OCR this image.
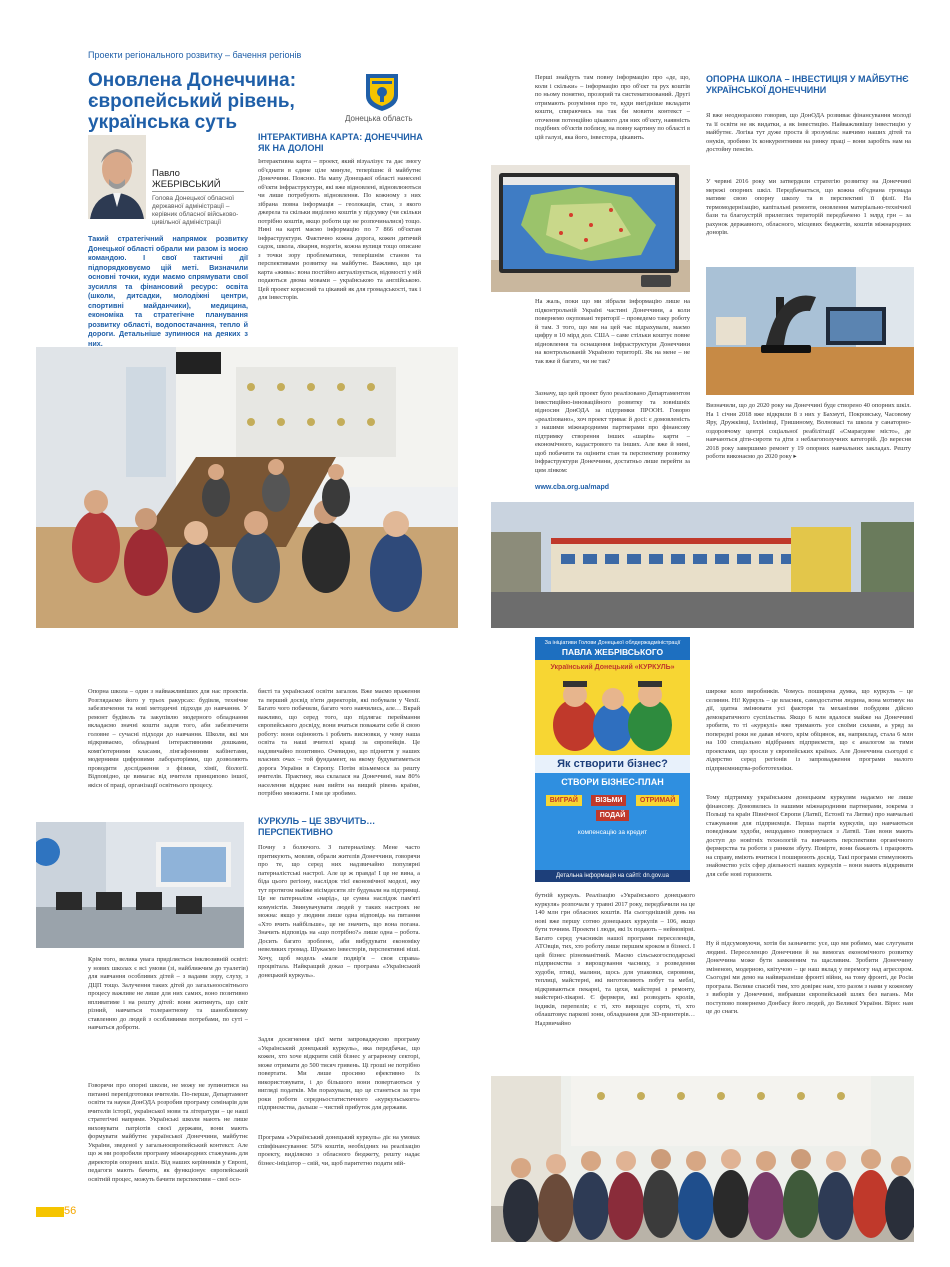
Проекти регіонального розвитку – бачення регіонів
Оновлена Донеччина: європейський рівень, українська суть	Донецька область
Павло
ЖЕБРІВСЬКИЙ
Голова Донецької обласної державної адміністрації – керівник обласної військово-цивільної адміністрації
Такий стратегічний напрямок розвитку Донецької області обрали ми разом із моєю командою. І свої тактичні дії підпорядковуємо цій меті. Визначили основні точки, куди маємо спрямувати свої зусилля та фінансовий ресурс: освіта (школи, дитсадки, молодіжні центри, спортивні майданчики), медицина, економіка та стратегічне планування розвитку області, водопостачання, тепло й дороги. Детальніше зупинюся на деяких з них.
ІНТЕРАКТИВНА КАРТА: ДОНЕЧЧИНА ЯК НА ДОЛОНІ
Інтерактивна карта – проект, який візуалізує та дає змогу об'єднати в єдине ціле минуле, теперішнє й майбутнє Донеччини. Поясню. На мапу Донецької області нанесені об'єкти інфраструктури, які вже відновлені, відновлюються чи лише потребують відновлення. По кожному з них зібрана повна інформація – геолокація, стан, з якого джерела та скільки виділено коштів у підсумку (чи скільки потрібно коштів, якщо роботи ще не розпочиналися) тощо. Нині на карті маємо інформацію по 7 866 об'єктам інфраструктури. Фактично кожна дорога, кожен дитячий садок, школа, лікарня, водогін, кожна вулиця тощо описане з точки зору проблематики, теперішнім станом та перспективами розвитку на майбутнє. Важливо, що ця карта «жива»: вона постійно актуалізується, відомості у ній подаються двома мовами – українською та англійською. Цей проект корисний та цікавий як для громадськості, так і для інвесторів.
Перші знайдуть там повну інформацію про «де, що, коли і скільки» – інформацію про об'єкт та рух коштів по ньому понятно, прозорий та систематизований. Другі отримають розуміння про те, куди вигідніше вкладати кошти, спираючись на так би мовити контекст – оточення потенційно цікавого для них об'єкту, наявність подібних об'єктів поблизу, на повну картину по області в цій галузі, яка його, інвестора, цікавить.
На жаль, поки що ми зібрали інформацію лише на підконтрольній Україні частині Донеччини, а коли повернемо окуповані території – проведемо таку роботу й там. З того, що ми на цей час підрахували, маємо цифру в 10 мірд дол. США – саме стільки коштує повне відновлення та оснащення інфраструктури Донеччини на контрольованій Україною території. Як на мене – не так вже й багато, чи не так?
Зазначу, що цей проект було реалізовано Департаментом інвестиційно-інноваційного розвитку та зовнішніх відносин ДонОДА за підтримки ПРООН. Говорю «реалізовано», хоч проект триває й досі: є домовленість з нашими міжнародними партнерами про фінансову підтримку створення інших «шарів» карти – економічного, кадастрового та інших. Але вже й нині, щоб побачити та оцінити стан та перспективу розвитку інфраструктури Донеччини, достатньо лише перейти за цим лінком:
www.cba.org.ua/mapd
ОПОРНА ШКОЛА – ІНВЕСТИЦІЯ У МАЙБУТНЄ УКРАЇНСЬКОЇ ДОНЕЧЧИНИ
Я вже неодноразово говорив, що ДонОДА розвиває фінансування молоді та її освіти не як видатки, а як інвестицію. Найважливішу інвестицію у майбутнє. Логіка тут дуже проста й зрозуміла: навчимо наших дітей та онуків, зробимо їх конкурентними на ринку праці – вони заробіть нам на достойну пенсію.
У червні 2016 року ми затвердили стратегію розвитку на Донеччині мережі опорних шкіл. Передбачається, що кожна об'єднана громада матиме свою опорну школу та в перспективі її філії. На термомодернізацію, капітальні ремонти, оновлення матеріально-технічної бази та благоустрій прилеглих територій передбачено 1 млрд грн – за рахунок державного, обласного, місцевих бюджетів, коштів міжнародних донорів.
Визначили, що до 2020 року на Донеччині буде створено 40 опорних шкіл. На 1 січня 2018 вже відкрили 8 з них у Бахмуті, Покровську, Часовому Яру, Дружківці, Іллінівці, Гришиному, Волновасі та школа у санаторно-оздоровчому центрі соціальної реабілітації «Смарагдове місто», де навчаються діти-сироти та діти з неблагополучних категорій. До вересня 2018 року завершимо ремонт у 19 опорних навчальних закладах. Решту роботи виконаємо до 2020 року ▸
Опорна школа – один з найважливіших для нас проектів. Розглядаємо його у трьох ракурсах: будівля, технічне забезпечення та нові методичні підходи до навчання. У ремонт будівель та закупівлю модерного обладнання вкладаємо значні кошти задля того, аби забезпечити головне – сучасні підходи до навчання. Школи, які ми відкриваємо, обладнані інтерактивними дошками, комп'ютерними класами, лінгафонними кабінетами, модерними цифровими лабораторіями, що дозволяють проводити дослідження з фізики, хімії, біології. Відповідно, це вимагає від вчителя принципово іншої, якісн ої праці, організації освітнього процесу.
Крім того, велика увага приділяється інклюзивній освіті: у нових школах є всі умови (зі, найближчим до туалетів) для навчання особливих дітей – з вадами зору, слуху, з ДЦП тощо. Залучення таких дітей до загальноосвітнього процесу важливе не лише для них самих, воно позитивно впливатиме і на решту дітей: вони житимуть, що світ різний, навчаться толерантному та шанобливому ставленню до людей з особливими потребами, по суті – навчаться доброти.
Говорячи про опорні школи, не можу не зупинитися на питанні перепідготовки вчителів. По-перше, Департамент освіти та науки ДонОДА розробив програму семінарів для вчителів історії, української мови та літератури – це наші стратегічні напрями. Українські школи мають не лише виховувати патріотів своєї держави, вони мають формувати майбутнє української Донеччини, майбутнє України, зведеної у загальноєвропейський контекст. Але що ж ми розробили програму міжнародних стажувань для директорів опорних шкіл. Від наших керівників у Європі, педагоги мають бачити, як функціонує європейський освітній процес, можуть бачити перспективи – свої осо-
бисті та української освіти загалом. Вже маємо враження та перший досвід п'яти директорів, які побували у Чехії. Багато чого побачили, багато чого навчились, але… Вкрай важливо, що серед того, що підлягає переймання європейського досвіду, вони вчаться поважати себе й свою роботу: вони оцінюють і роблять висновки, у чому наша освіта та наші вчителі кращі за європейців. Це надзвичайно позитивно. Очевидно, що підняття у наших власних очах – той фундамент, на якому будуватиметься дорога України в Європу. Потім візьмемося за решту вчителів. Практику, яка склалася на Донеччині, нам 80% населення відкриє нам вийти на вищий рівень країни, потрібно множити. І ми це зробимо.
КУРКУЛЬ – ЦЕ ЗВУЧИТЬ… ПЕРСПЕКТИВНО
Почну з болючого. З патерналізму. Мене часто притикують, мовляв, обрали жителів Донеччини, говорячи про те, що серед них надзвичайно популярні патерналістські настрої. Але це ж правда! І це не вина, а біда цього регіону, наслідок тієї економічної моделі, яку тут протягом майже вісімдесяти літ будували на підтримці. Це не патерналізм «нарід», це сумна наслідок пам'яті комуністів. Звинувачувати людей у таких настроях не можна: якщо у людини лише одна відповідь на питання «Хто вчить найбільше», це не значить, що вона погана. Значить відповідь на «що потрібно?» лише одна – робота. Досить багато зроблено, аби вибудувати економіку невеликих громад. Шукаємо інвесторів, перспективні ніші. Хочу, щоб модель «мале подвір'я – своя справа» процвітала. Найкращий доказ – програма «Український донецький куркуль».
Задля досягнення цієї мети запроваджуємо програму «Український донецький куркуль», яка передбачає, що кожен, хто хоче відкрити свій бізнес у аграрному секторі, може отримати до 500 тисяч гривень. Ці гроші не потрібно повертати. Ми лише просимо ефективно їх використовувати, і до більшого вони повертаються у вигляді податків. Ми порахували, що це станеться за три роки роботи середньостатистичного «куркульського» підприємства, дальше – чистий прибуток для держави.
Програма «Український донецький куркуль» діє на умовах співфінансування: 50% коштів, необхідних на реалізацію проекту, виділяємо з обласного бюджету, решту надає бізнес-ініціатор – свій, чи, щоб паритетно подати мій-
За ініціативи Голови Донецької облдержадміністрації
ПАВЛА ЖЕБРІВСЬКОГО
Український Донецький «КУРКУЛЬ»
Як створити бізнес?
СТВОРИ БІЗНЕС-ПЛАН
ВИГРАЙ	ВІЗЬМИ	ОТРИМАЙ
ПОДАЙ
компенсацію за кредит
Детальна інформація на сайті: dn.gov.ua
бутній куркуль. Реалізацію «Українського донецького куркуля» розпочали у травні 2017 року, передбачили на це 140 млн грн обласних коштів. На сьогоднішній день на нові вже першу сотню донецьких куркулів – 106, якщо бути точним. Проекти і люди, які їх подають – неймовірні. Багато серед учасників нашої програми переселенців, АТОвців, тих, хто роботу лише першим кроком в бізнесі. І цей бізнес різноманітний. Маємо сільськогосподарські підприємства з вирощування часнику, з розведення худоби, птиці, малини, щось для упаковки, сировини, теплиці, майстерні, які виготовляють побут та меблі, відкриваються пекарні, та цехи, майстерні з ремонту, майстерні-лікарні. Є фермери, які розводять кролів, індиків, перепелів; є ті, хто вирощує сорти, ті, хто облаштовує паркові зони, обладнання для 3D-принтерів… Надзвичайно
широке коло виробників. Чомусь поширена думка, що куркуль – це селянин. Ні! Куркуль – це власник, самодостатня людина, вона мотивує на дії, здатна змінювати усі фактори та механізми побудови дійсно демократичного суспільства. Якщо 6 млн вдалося майже на Донеччині зробити, то ті «куркулі» вже тримають усе своїми силами, а уряд за попередні роки не давав нічого, крім обіцянок, як, наприклад, стала 6 млн на 100 спеціально відібраних підприємств, що є аналогом за тими проектами, що зросли у європейських країнах. Але Донеччина сьогодні є лідерство серед регіонів із запровадження програми малого підприємництва-робототехніки.
Тому підтримку українським донецьким куркулям надаємо не лише фінансову. Домовились із нашими міжнародними партнерами, зокрема з Польщі та країн Північної Європи (Латвії, Естонії та Литви) про навчальні стажування для підприємців. Перша партія куркулів, що навчаються поведінкам худоби, нещодавно повернулася з Латвії. Там вони мають доступ до новітніх технологій та вивчають перспективи органічного фермерства та роботи з ринком збуту. Повірте, вони бажають і працюють на справу, вміють вчитися і поширюють досвід. Такі програми стимулюють знайомство усіх сфер діяльності наших куркулів – вони мають відкривати для себе нові горизонти.
Ну й підсумовуючи, хотів би зазначити: усе, що ми робимо, має слугувати людині. Переселенцю Донеччини й на вимогах економічного розвитку Донеччина може бути замкненим та щасливим. Зробити Донеччину зміненою, модерною, квітучою – це наш вклад у перемогу над агресором. Сьогодні ми демо на найвиразніше фронті війни, на тому фронті, де Росія програла. Велике спасибі тим, хто довіряє нам, хто разом з нами у кожному з виборів у Донеччині, вибравши європейський шлях без вагань. Ми поступово повернемо Донбасу його людей, до Великої України. Вірю: нам це до снаги.
56
